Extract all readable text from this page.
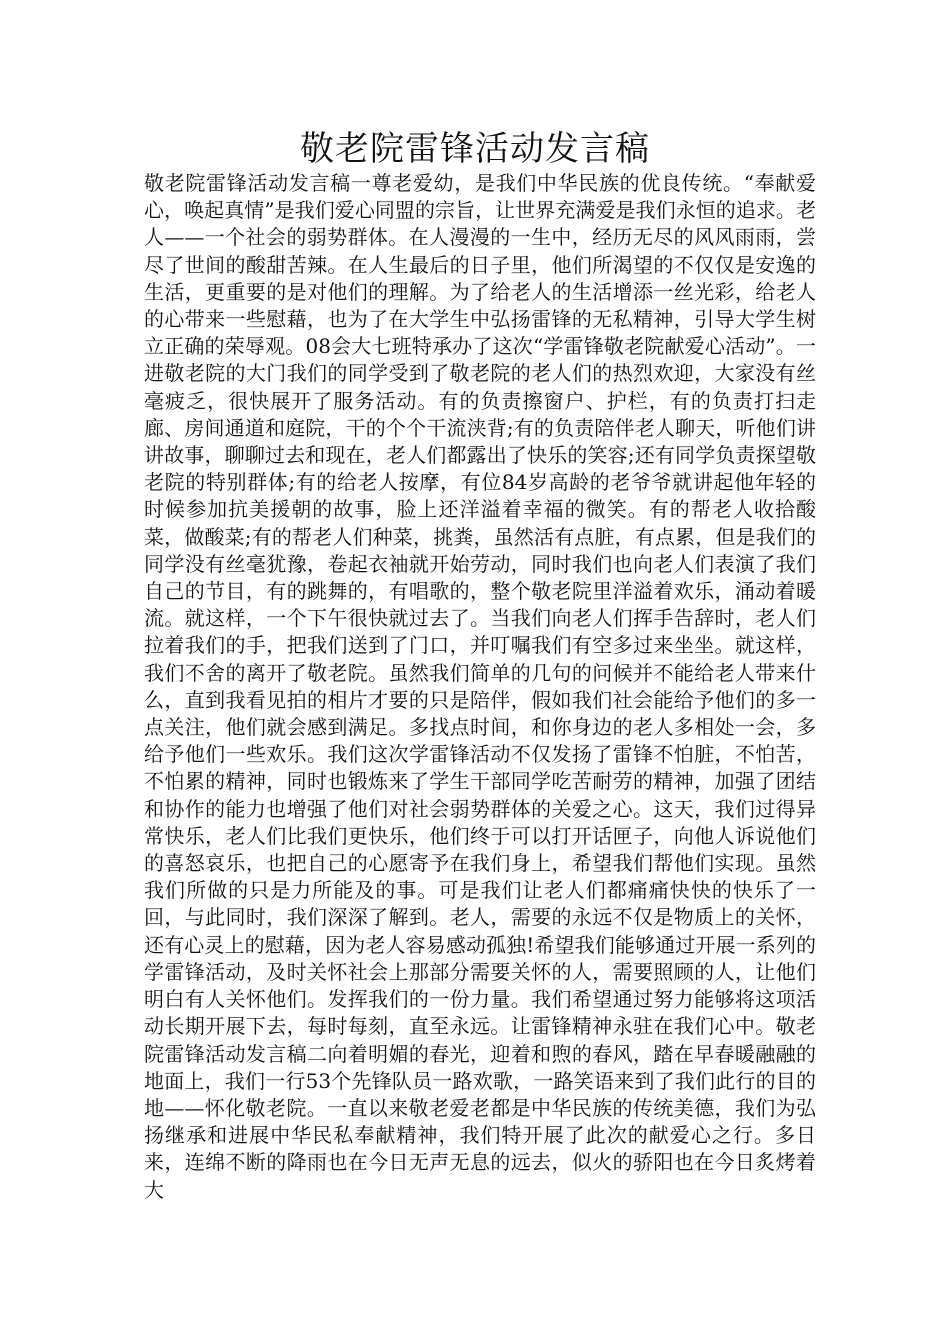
敬老院雷锋活动发言稿

敬老院雷锋活动发言稿一尊老爱幼，是我们中华民族的优良传统。“奉献爱心，唤起真情”是我们爱心同盟的宗旨，让世界充满爱是我们永恒的追求。老人——一个社会的弱势群体。在人漫漫的一生中，经历无尽的风风雨雨，尝尽了世间的酸甜苦辣。在人生最后的日子里，他们所渴望的不仅仅是安逸的生活，更重要的是对他们的理解。为了给老人的生活增添一丝光彩，给老人的心带来一些慰藉，也为了在大学生中弘扬雷锋的无私精神，引导大学生树立正确的荣辱观。08会大七班特承办了这次“学雷锋敬老院献爱心活动”。一进敬老院的大门我们的同学受到了敬老院的老人们的热烈欢迎，大家没有丝毫疲乏，很快展开了服务活动。有的负责擦窗户、护栏，有的负责打扫走廊、房间通道和庭院，干的个个干流浃背;有的负责陪伴老人聊天，听他们讲讲故事，聊聊过去和现在，老人们都露出了快乐的笑容;还有同学负责探望敬老院的特别群体;有的给老人按摩，有位84岁高龄的老爷爷就讲起他年轻的时候参加抗美援朝的故事，脸上还洋溢着幸福的微笑。有的帮老人收拾酸菜，做酸菜;有的帮老人们种菜，挑粪，虽然活有点脏，有点累，但是我们的同学没有丝毫犹豫，卷起衣袖就开始劳动，同时我们也向老人们表演了我们自己的节目，有的跳舞的，有唱歌的，整个敬老院里洋溢着欢乐，涌动着暖流。就这样，一个下午很快就过去了。当我们向老人们挥手告辞时，老人们拉着我们的手，把我们送到了门口，并叮嘱我们有空多过来坐坐。就这样，我们不舍的离开了敬老院。虽然我们简单的几句的问候并不能给老人带来什么，直到我看见拍的相片才要的只是陪伴，假如我们社会能给予他们的多一点关注，他们就会感到满足。多找点时间，和你身边的老人多相处一会，多给予他们一些欢乐。我们这次学雷锋活动不仅发扬了雷锋不怕脏，不怕苦，不怕累的精神，同时也锻炼来了学生干部同学吃苦耐劳的精神，加强了团结和协作的能力也增强了他们对社会弱势群体的关爱之心。这天，我们过得异常快乐，老人们比我们更快乐，他们终于可以打开话匣子，向他人诉说他们的喜怒哀乐，也把自己的心愿寄予在我们身上，希望我们帮他们实现。虽然我们所做的只是力所能及的事。可是我们让老人们都痛痛快快的快乐了一回，与此同时，我们深深了解到。老人，需要的永远不仅是物质上的关怀，还有心灵上的慰藉，因为老人容易感动孤独!希望我们能够通过开展一系列的学雷锋活动，及时关怀社会上那部分需要关怀的人，需要照顾的人，让他们明白有人关怀他们。发挥我们的一份力量。我们希望通过努力能够将这项活动长期开展下去，每时每刻，直至永远。让雷锋精神永驻在我们心中。敬老院雷锋活动发言稿二向着明媚的春光，迎着和煦的春风，踏在早春暖融融的地面上，我们一行53个先锋队员一路欢歌，一路笑语来到了我们此行的目的地——怀化敬老院。一直以来敬老爱老都是中华民族的传统美德，我们为弘扬继承和进展中华民私奉献精神，我们特开展了此次的献爱心之行。多日来，连绵不断的降雨也在今日无声无息的远去，似火的骄阳也在今日炙烤着大
